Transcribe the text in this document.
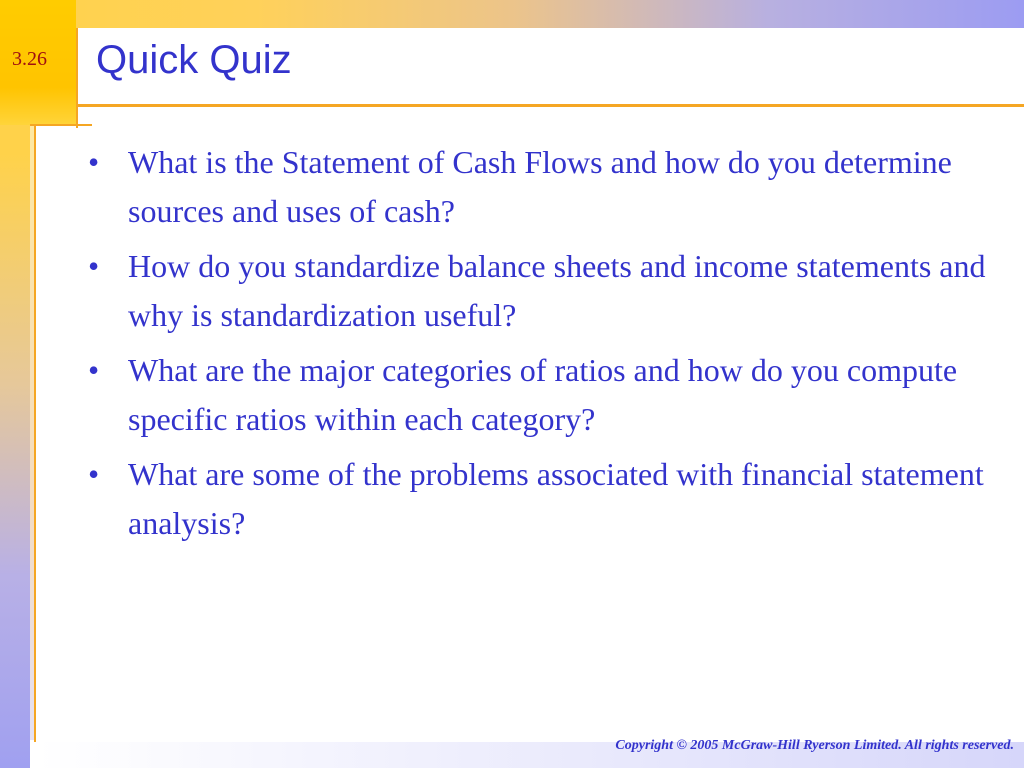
3.26 Quick Quiz
• What is the Statement of Cash Flows and how do you determine sources and uses of cash?
• How do you standardize balance sheets and income statements and why is standardization useful?
• What are the major categories of ratios and how do you compute specific ratios within each category?
• What are some of the problems associated with financial statement analysis?
Copyright © 2005 McGraw-Hill Ryerson Limited. All rights reserved.
